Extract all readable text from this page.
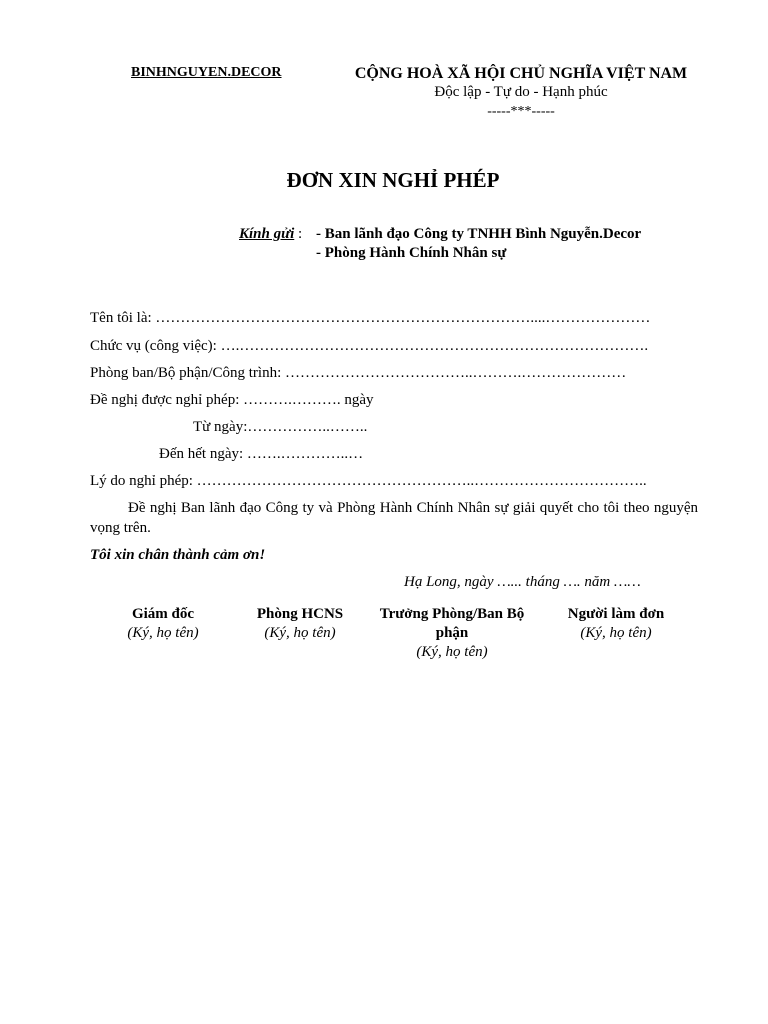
BINHNGUYEN.DECOR	CỘNG HOÀ XÃ HỘI CHỦ NGHĨA VIỆT NAM
Độc lập - Tự do - Hạnh phúc
-----***-----
ĐƠN XIN NGHỈ PHÉP
Kính gửi : - Ban lãnh đạo Công ty TNHH Bình Nguyễn.Decor
- Phòng Hành Chính Nhân sự
Tên tôi là: …………………………………………………………………....…………………
Chức vụ (công việc): ….……………………………………………………………………….
Phòng ban/Bộ phận/Công trình: ………………………………..……….…………………
Đề nghị được nghỉ phép: ……….………. ngày
Từ ngày:……………..……..
Đến hết ngày: …….…………..…
Lý do nghỉ phép: ………………………………………………..……………………………..
Đề nghị Ban lãnh đạo Công ty và Phòng Hành Chính Nhân sự giải quyết cho tôi theo nguyện vọng trên.
Tôi xin chân thành cảm ơn!
Hạ Long, ngày …... tháng …. năm ……
Giám đốc
(Ký, họ tên)
Phòng HCNS
(Ký, họ tên)
Trưởng Phòng/Ban Bộ phận
(Ký, họ tên)
Người làm đơn
(Ký, họ tên)
